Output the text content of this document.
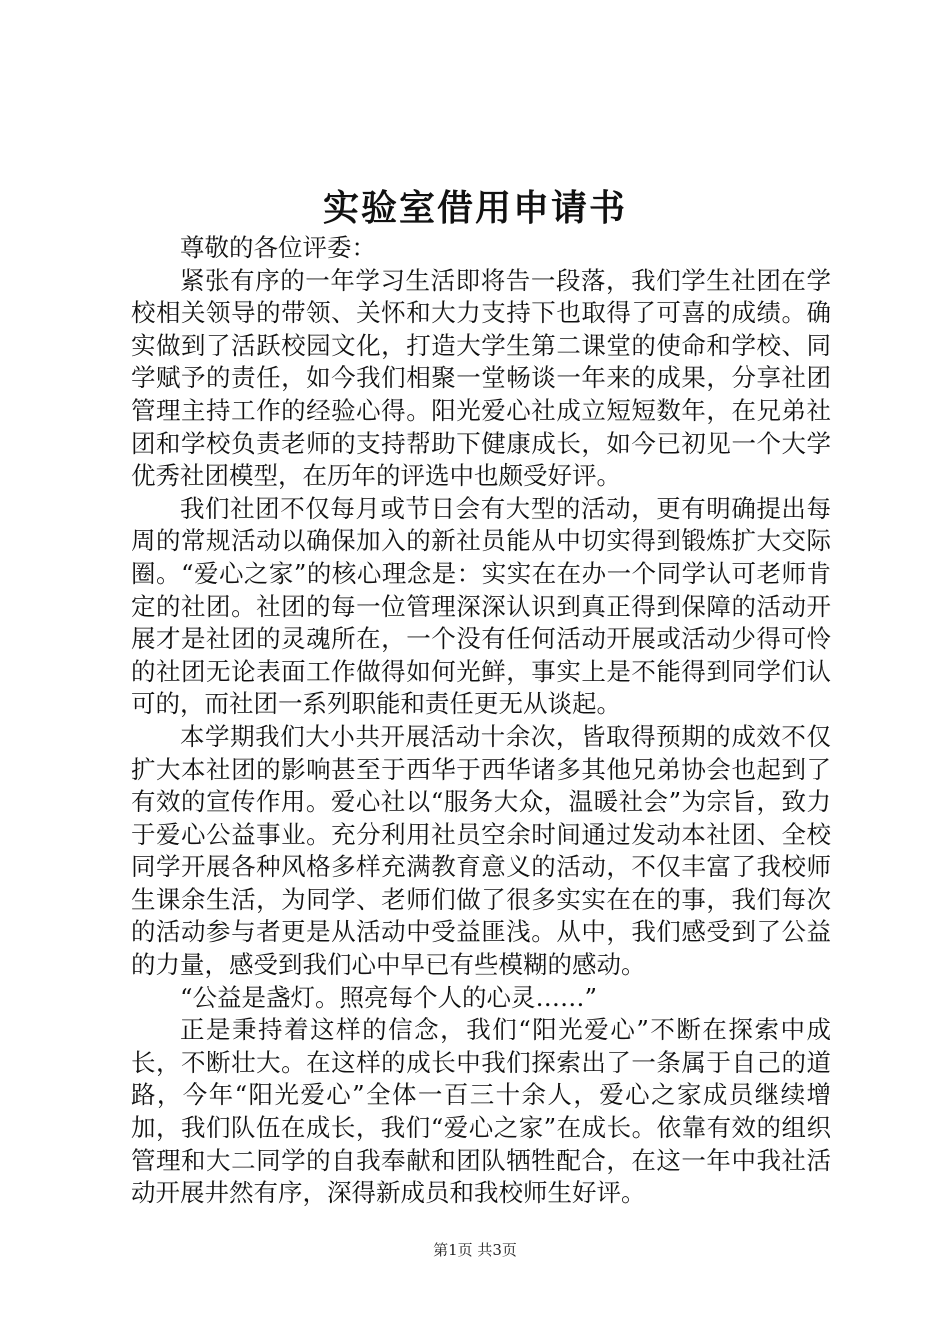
实验室借用申请书

尊敬的各位评委：

紧张有序的一年学习生活即将告一段落，我们学生社团在学校相关领导的带领、关怀和大力支持下也取得了可喜的成绩。确实做到了活跃校园文化，打造大学生第二课堂的使命和学校、同学赋予的责任，如今我们相聚一堂畅谈一年来的成果，分享社团管理主持工作的经验心得。阳光爱心社成立短短数年，在兄弟社团和学校负责老师的支持帮助下健康成长，如今已初见一个大学优秀社团模型，在历年的评选中也颇受好评。

我们社团不仅每月或节日会有大型的活动，更有明确提出每周的常规活动以确保加入的新社员能从中切实得到锻炼扩大交际圈。“爱心之家”的核心理念是：实实在在办一个同学认可老师肯定的社团。社团的每一位管理深深认识到真正得到保障的活动开展才是社团的灵魂所在，一个没有任何活动开展或活动少得可怜的社团无论表面工作做得如何光鲜，事实上是不能得到同学们认可的，而社团一系列职能和责任更无从谈起。

本学期我们大小共开展活动十余次，皆取得预期的成效不仅扩大本社团的影响甚至于西华于西华诸多其他兄弟协会也起到了有效的宣传作用。爱心社以“服务大众，温暖社会”为宗旨，致力于爱心公益事业。充分利用社员空余时间通过发动本社团、全校同学开展各种风格多样充满教育意义的活动，不仅丰富了我校师生课余生活，为同学、老师们做了很多实实在在的事，我们每次的活动参与者更是从活动中受益匪浅。从中，我们感受到了公益的力量，感受到我们心中早已有些模糊的感动。

“公益是盏灯。照亮每个人的心灵……”

正是秉持着这样的信念，我们“阳光爱心”不断在探索中成长，不断壮大。在这样的成长中我们探索出了一条属于自己的道路，今年“阳光爱心”全体一百三十余人，爱心之家成员继续增加，我们队伍在成长，我们“爱心之家”在成长。依靠有效的组织管理和大二同学的自我奉献和团队牺牲配合，在这一年中我社活动开展井然有序，深得新成员和我校师生好评。

第1页 共3页
